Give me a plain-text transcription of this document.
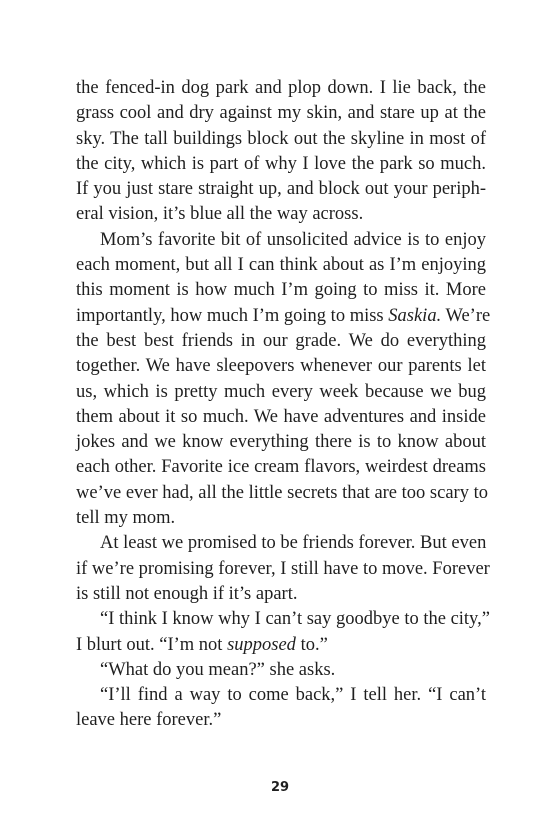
the fenced-in dog park and plop down. I lie back, the
grass cool and dry against my skin, and stare up at the
sky. The tall buildings block out the skyline in most of
the city, which is part of why I love the park so much.
If you just stare straight up, and block out your periph-
eral vision, it’s blue all the way across.
Mom’s favorite bit of unsolicited advice is to enjoy
each moment, but all I can think about as I’m enjoying
this moment is how much I’m going to miss it. More
importantly, how much I’m going to miss Saskia. We’re
the best best friends in our grade. We do everything
together. We have sleepovers whenever our parents let
us, which is pretty much every week because we bug
them about it so much. We have adventures and inside
jokes and we know everything there is to know about
each other. Favorite ice cream flavors, weirdest dreams
we’ve ever had, all the little secrets that are too scary to
tell my mom.
At least we promised to be friends forever. But even
if we’re promising forever, I still have to move. Forever
is still not enough if it’s apart.
“I think I know why I can’t say goodbye to the city,”
I blurt out. “I’m not supposed to.”
“What do you mean?” she asks.
“I’ll find a way to come back,” I tell her. “I can’t
leave here forever.”
29
